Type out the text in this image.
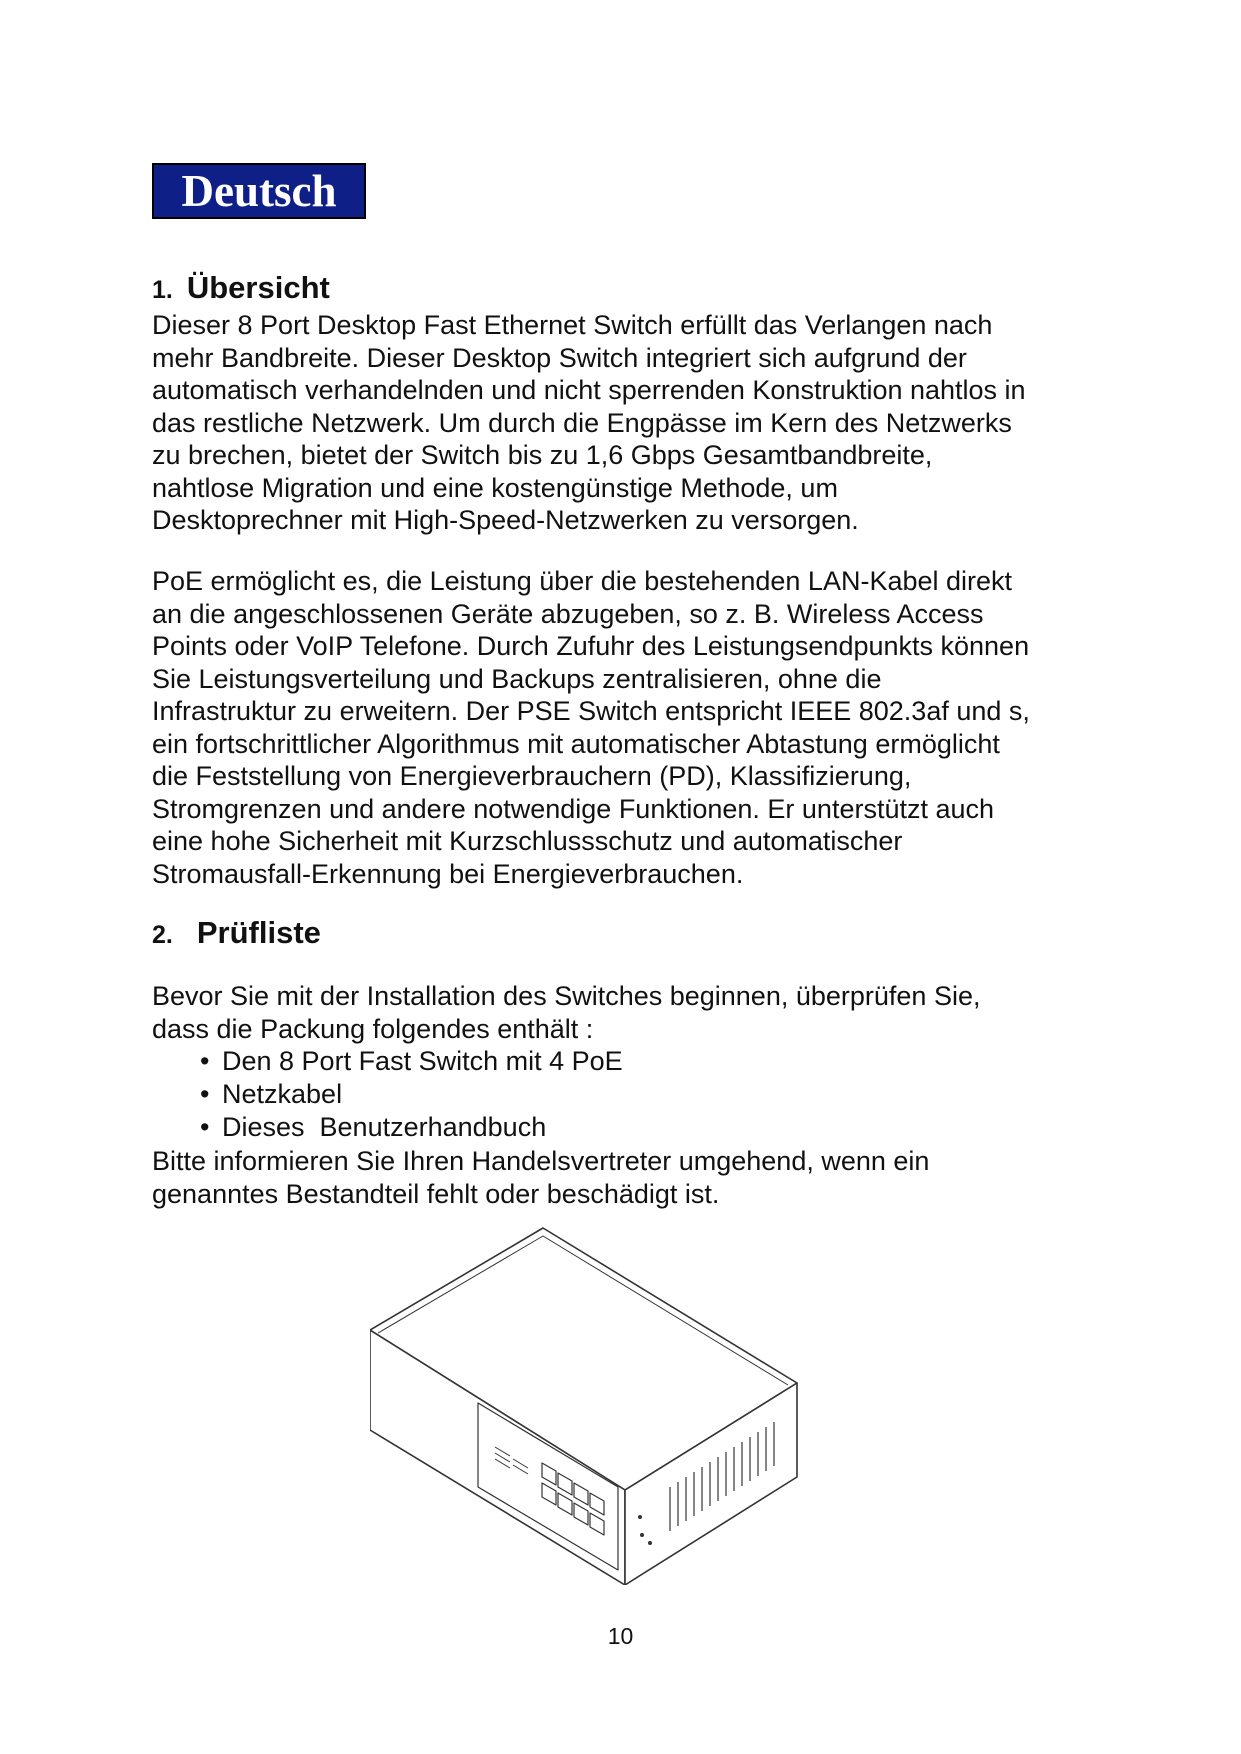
Deutsch
1. Übersicht

Dieser 8 Port Desktop Fast Ethernet Switch erfüllt das Verlangen nach
mehr Bandbreite. Dieser Desktop Switch integriert sich aufgrund der
automatisch verhandelnden und nicht sperrenden Konstruktion nahtlos in
das restliche Netzwerk. Um durch die Engpässe im Kern des Netzwerks
zu brechen, bietet der Switch bis zu 1,6 Gbps Gesamtbandbreite,
nahtlose Migration und eine kostengünstige Methode, um
Desktoprechner mit High-Speed-Netzwerken zu versorgen.

PoE ermöglicht es, die Leistung über die bestehenden LAN-Kabel direkt
an die angeschlossenen Geräte abzugeben, so z. B. Wireless Access
Points oder VoIP Telefone. Durch Zufuhr des Leistungsendpunkts können
Sie Leistungsverteilung und Backups zentralisieren, ohne die
Infrastruktur zu erweitern. Der PSE Switch entspricht IEEE 802.3af und s,
ein fortschrittlicher Algorithmus mit automatischer Abtastung ermöglicht
die Feststellung von Energieverbrauchern (PD), Klassifizierung,
Stromgrenzen und andere notwendige Funktionen. Er unterstützt auch
eine hohe Sicherheit mit Kurzschlussschutz und automatischer
Stromausfall-Erkennung bei Energieverbrauchen.

2. Prüfliste

Bevor Sie mit der Installation des Switches beginnen, überprüfen Sie,
dass die Packung folgendes enthält :

• Den 8 Port Fast Switch mit 4 PoE
• Netzkabel
• Dieses  Benutzerhandbuch

Bitte informieren Sie Ihren Handelsvertreter umgehend, wenn ein
genanntes Bestandteil fehlt oder beschädigt ist.

10
